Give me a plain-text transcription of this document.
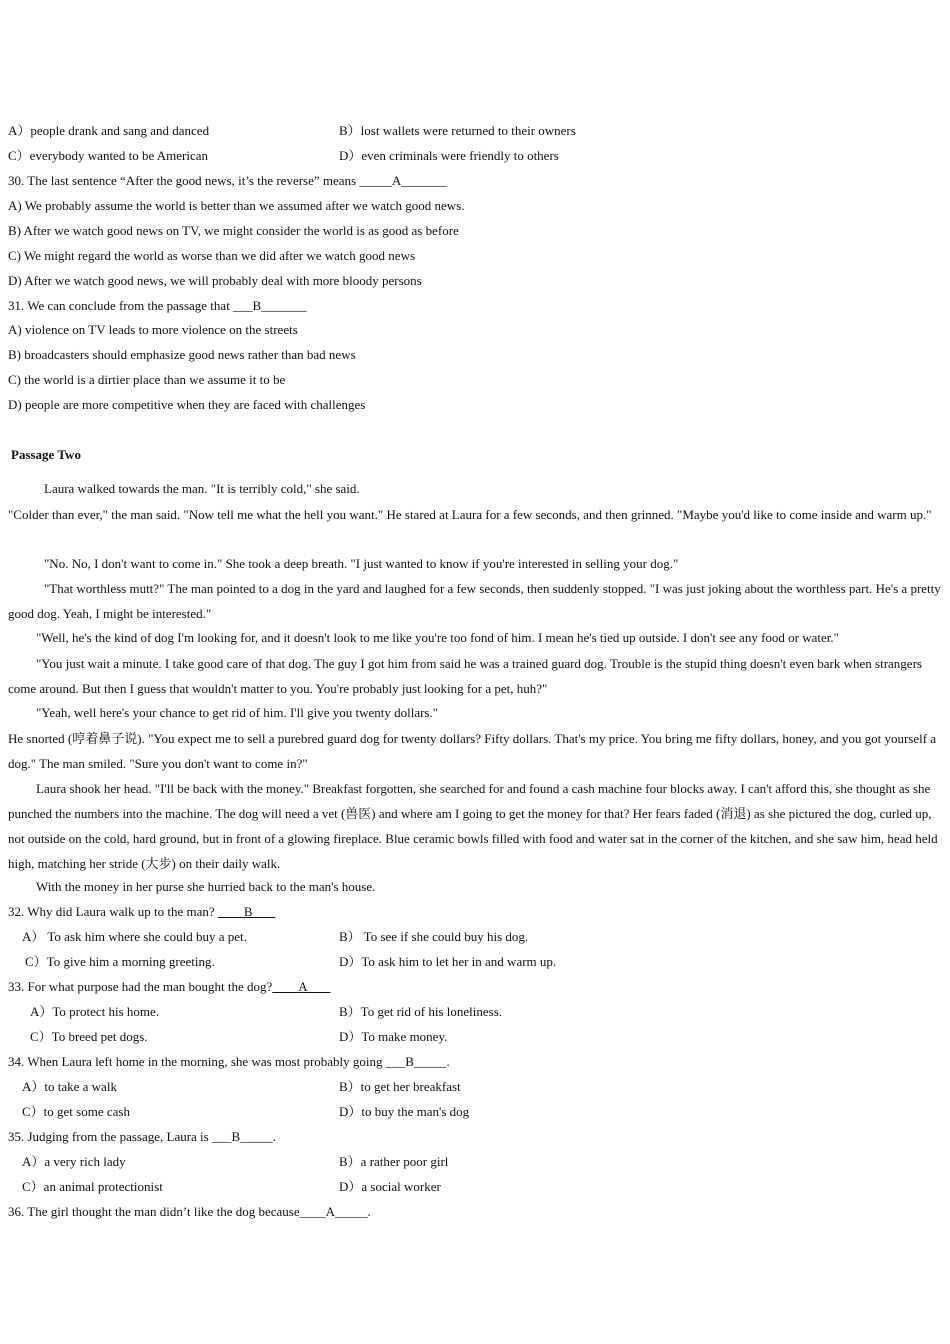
A）people drank and sang and danced	B）lost wallets were returned to their owners
C）everybody wanted to be American	D）even criminals were friendly to others
30. The last sentence “After the good news, it’s the reverse” means _____A_______
A) We probably assume the world is better than we assumed after we watch good news.
B) After we watch good news on TV, we might consider the world is as good as before
C) We might regard the world as worse than we did after we watch good news
D) After we watch good news, we will probably deal with more bloody persons
31. We can conclude from the passage that ___B_______
A) violence on TV leads to more violence on the streets
B) broadcasters should emphasize good news rather than bad news
C) the world is a dirtier place than we assume it to be
D) people are more competitive when they are faced with challenges
Passage Two
Laura walked towards the man. "It is terribly cold," she said.
"Colder than ever," the man said. "Now tell me what the hell you want." He stared at Laura for a few seconds, and then grinned. "Maybe you'd like to come inside and warm up."
"No. No, I don't want to come in." She took a deep breath. "I just wanted to know if you're interested in selling your dog."
"That worthless mutt?" The man pointed to a dog in the yard and laughed for a few seconds, then suddenly stopped. "I was just joking about the worthless part. He's a pretty good dog. Yeah, I might be interested."
"Well, he's the kind of dog I'm looking for, and it doesn't look to me like you're too fond of him. I mean he's tied up outside. I don't see any food or water."
"You just wait a minute. I take good care of that dog. The guy I got him from said he was a trained guard dog. Trouble is the stupid thing doesn't even bark when strangers come around. But then I guess that wouldn't matter to you. You're probably just looking for a pet, huh?"
"Yeah, well here's your chance to get rid of him. I'll give you twenty dollars."
He snorted (哼着鼻子说). "You expect me to sell a purebred guard dog for twenty dollars? Fifty dollars. That's my price. You bring me fifty dollars, honey, and you got yourself a dog." The man smiled. "Sure you don't want to come in?"
Laura shook her head. "I'll be back with the money." Breakfast forgotten, she searched for and found a cash machine four blocks away. I can't afford this, she thought as she punched the numbers into the machine. The dog will need a vet (兽医) and where am I going to get the money for that? Her fears faded (消退) as she pictured the dog, curled up, not outside on the cold, hard ground, but in front of a glowing fireplace. Blue ceramic bowls filled with food and water sat in the corner of the kitchen, and she saw him, head held high, matching her stride (大步) on their daily walk.
With the money in her purse she hurried back to the man's house.
32. Why did Laura walk up to the man?         B
A） To ask him where she could buy a pet.	B） To see if she could buy his dog.
C）To give him a morning greeting.	D）To ask him to let her in and warm up.
33. For what purpose had the man bought the dog? A
A）To protect his home.	B）To get rid of his loneliness.
C）To breed pet dogs.	D）To make money.
34. When Laura left home in the morning, she was most probably going ___B_____.
A）to take a walk	B）to get her breakfast
C）to get some cash	D）to buy the man's dog
35. Judging from the passage, Laura is ___B_____.
A）a very rich lady	B）a rather poor girl
C）an animal protectionist	D）a social worker
36. The girl thought the man didn’t like the dog because____A_____.
